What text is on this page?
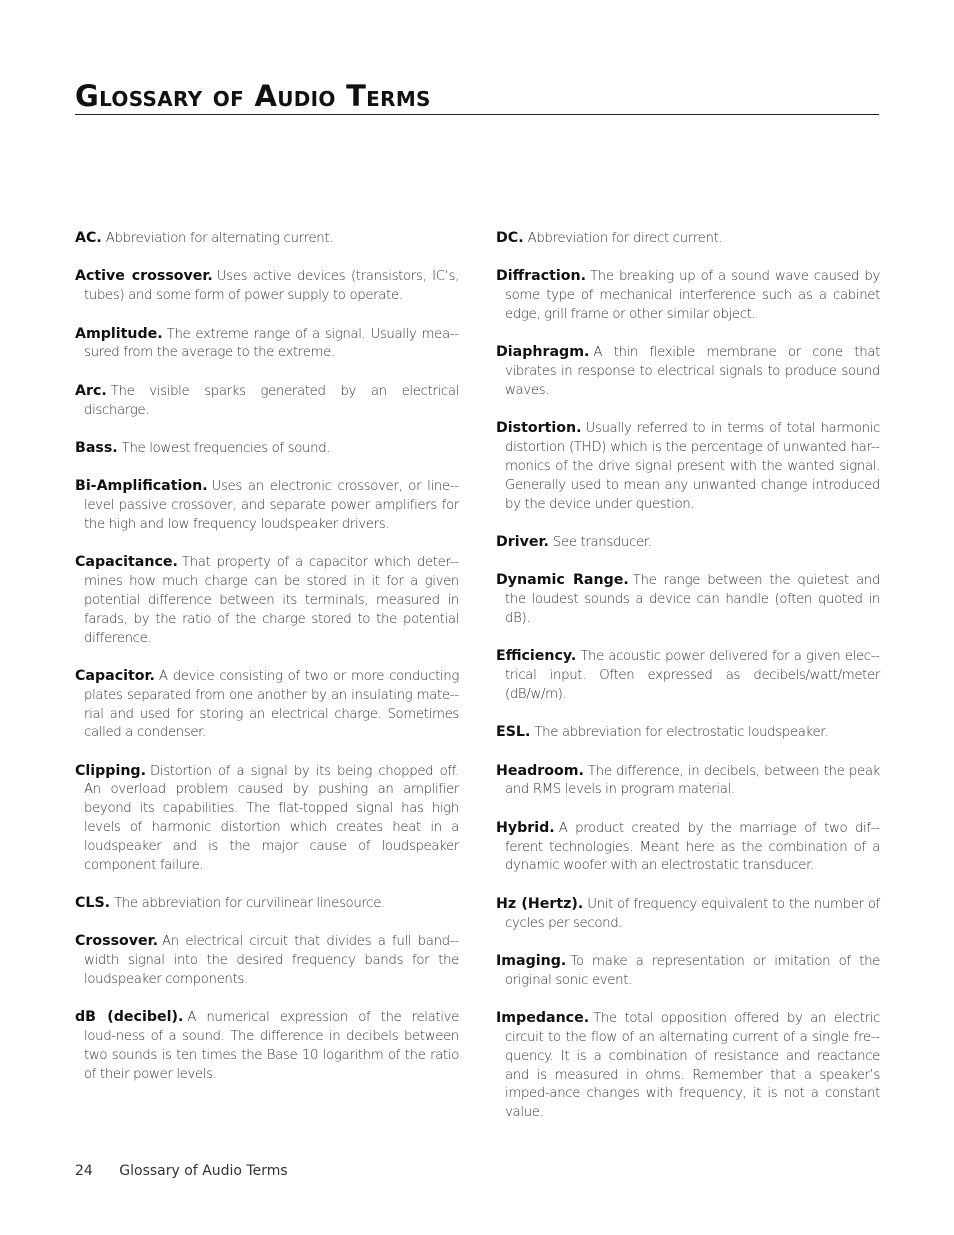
Glossary of Audio Terms

AC. Abbreviation for alternating current.

Active crossover. Uses active devices (transistors, IC’s, tubes) and some form of power supply to operate.

Amplitude. The extreme range of a signal. Usually mea-sured from the average to the extreme.

Arc. The visible sparks generated by an electrical discharge.

Bass. The lowest frequencies of sound.

Bi-Amplification. Uses an electronic crossover, or line-level passive crossover, and separate power amplifiers for the high and low frequency loudspeaker drivers.

Capacitance. That property of a capacitor which deter-mines how much charge can be stored in it for a given potential difference between its terminals, measured in farads, by the ratio of the charge stored to the potential difference.

Capacitor. A device consisting of two or more conducting plates separated from one another by an insulating mate-rial and used for storing an electrical charge. Sometimes called a condenser.

Clipping. Distortion of a signal by its being chopped off. An overload problem caused by pushing an amplifier beyond its capabilities. The flat-topped signal has high levels of harmonic distortion which creates heat in a loudspeaker and is the major cause of loudspeaker component failure.

CLS. The abbreviation for curvilinear linesource.

Crossover. An electrical circuit that divides a full band-width signal into the desired frequency bands for the loudspeaker components.

dB (decibel). A numerical expression of the relative loud-ness of a sound. The difference in decibels between two sounds is ten times the Base 10 logarithm of the ratio of their power levels.

DC. Abbreviation for direct current.

Diffraction. The breaking up of a sound wave caused by some type of mechanical interference such as a cabinet edge, grill frame or other similar object.

Diaphragm. A thin flexible membrane or cone that vibrates in response to electrical signals to produce sound waves.

Distortion. Usually referred to in terms of total harmonic distortion (THD) which is the percentage of unwanted har-monics of the drive signal present with the wanted signal. Generally used to mean any unwanted change introduced by the device under question.

Driver. See transducer.

Dynamic Range. The range between the quietest and the loudest sounds a device can handle (often quoted in dB).

Efficiency. The acoustic power delivered for a given elec-trical input. Often expressed as decibels/watt/meter (dB/w/m).

ESL. The abbreviation for electrostatic loudspeaker.

Headroom. The difference, in decibels, between the peak and RMS levels in program material.

Hybrid. A product created by the marriage of two dif-ferent technologies. Meant here as the combination of a dynamic woofer with an electrostatic transducer.

Hz (Hertz). Unit of frequency equivalent to the number of cycles per second.

Imaging. To make a representation or imitation of the original sonic event.

Impedance. The total opposition offered by an electric circuit to the flow of an alternating current of a single fre-quency. It is a combination of resistance and reactance and is measured in ohms. Remember that a speaker’s imped-ance changes with frequency, it is not a constant value.

24 Glossary of Audio Terms
